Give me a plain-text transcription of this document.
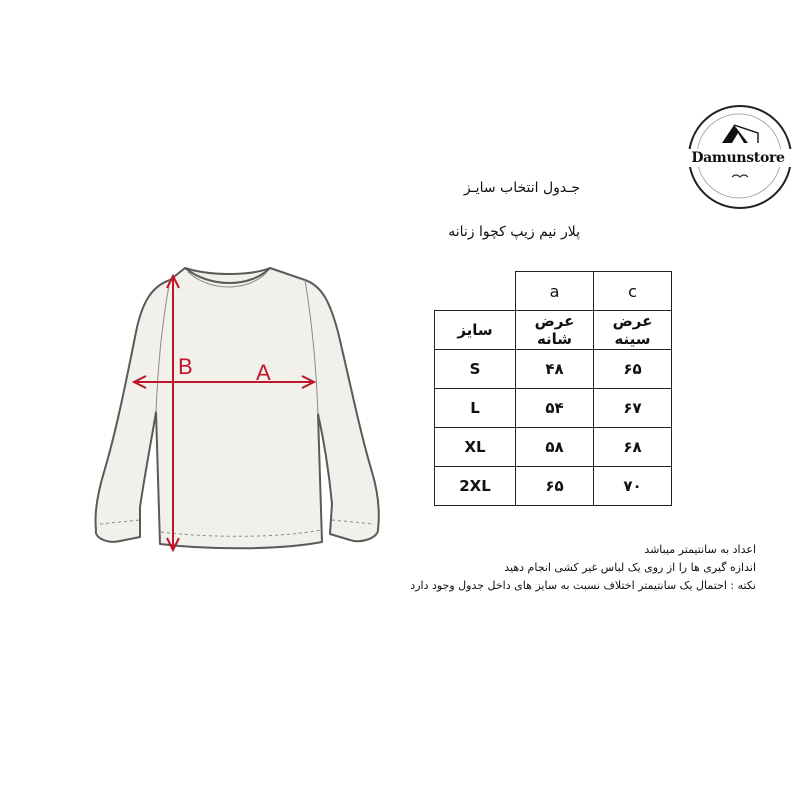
B	A
Damunstore
جـدول انتخاب سایـز
پلار نیم زیپ کچوا زنانه
	a	c
سایز	عرض شانه	عرض سینه
S	۴۸	۶۵
L	۵۴	۶۷
XL	۵۸	۶۸
2XL	۶۵	۷۰
اعداد به سانتیمتر میباشد
اندازه گیری ها را از روی یک لباس غیر کشی انجام دهید
نکته : احتمال یک سانتیمتر اختلاف نسبت به سایز های داخل جدول وجود دارد
